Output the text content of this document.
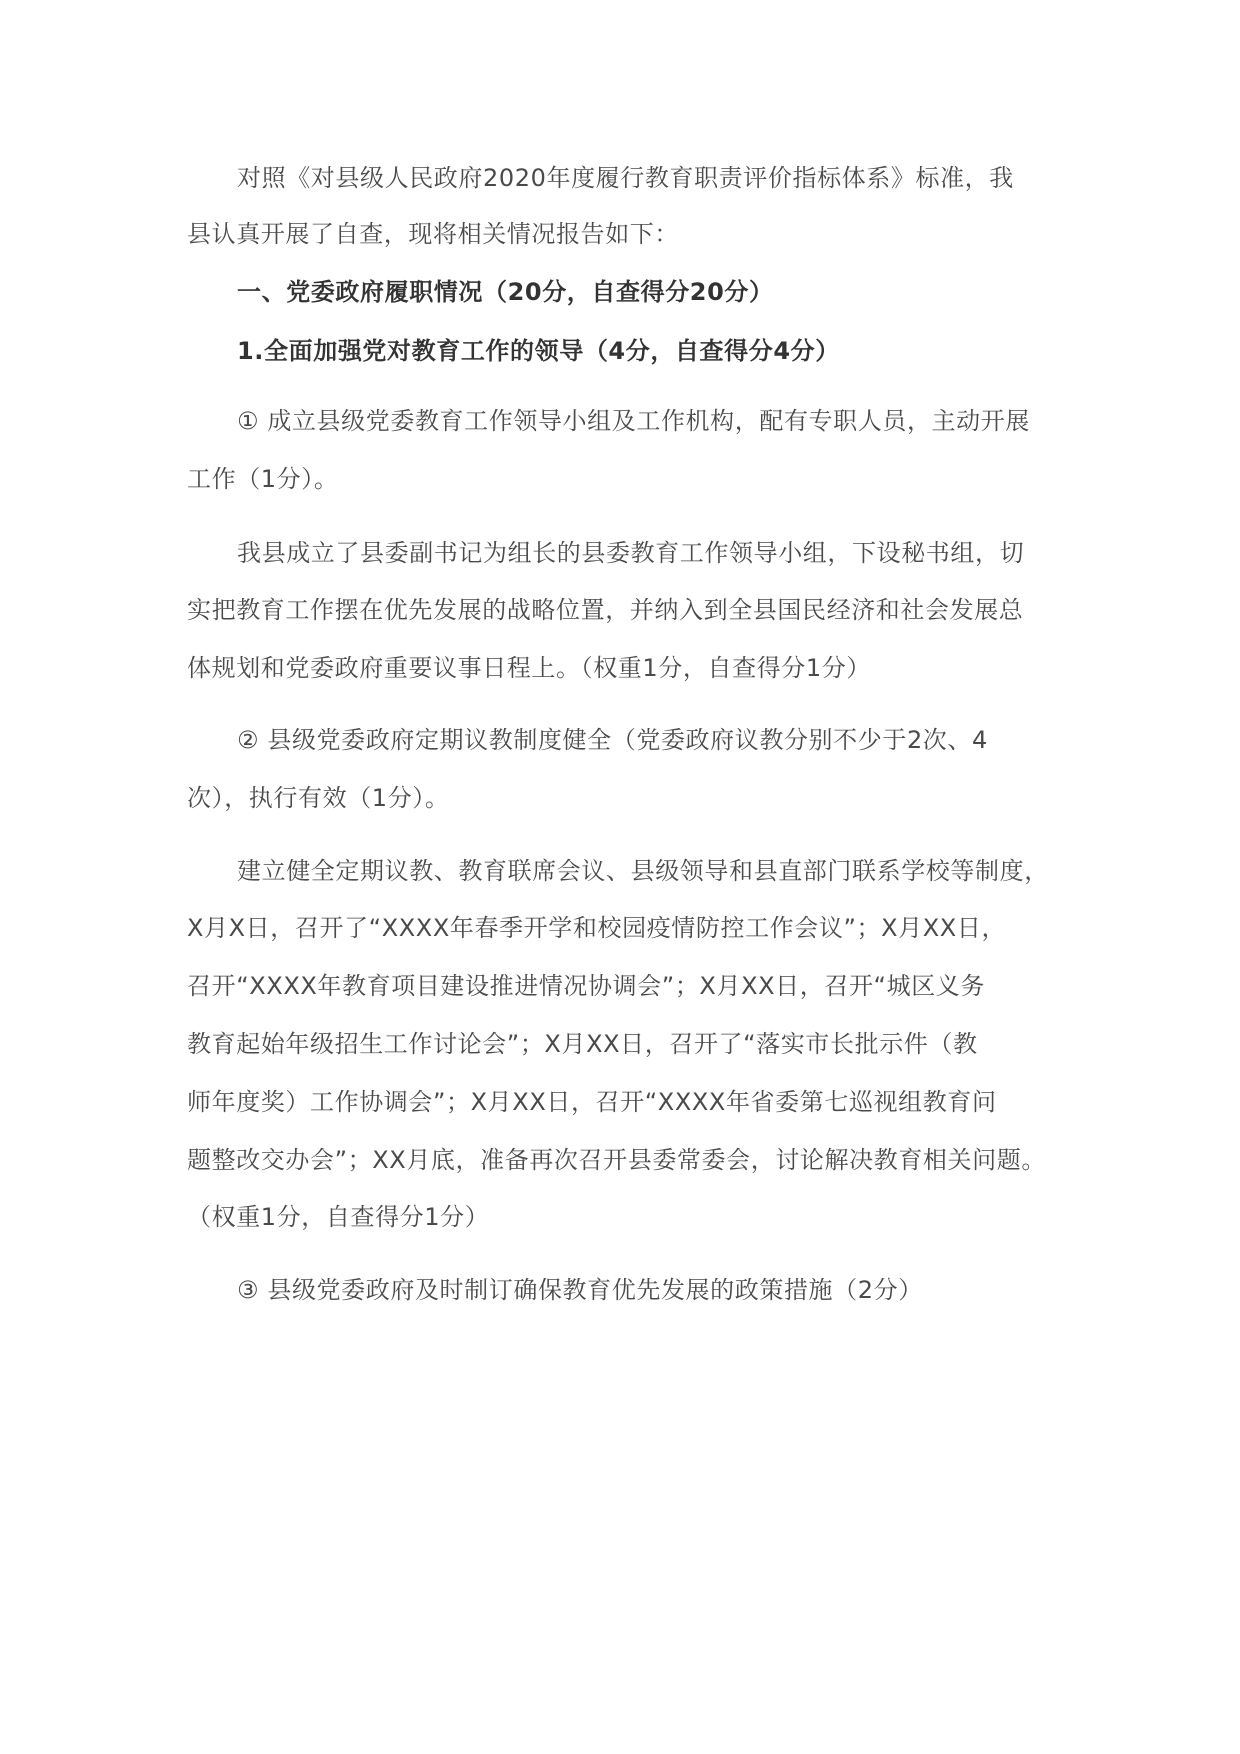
对照《对县级人民政府2020年度履行教育职责评价指标体系》标准，我
县认真开展了自查，现将相关情况报告如下：
一、党委政府履职情况（20分，自查得分20分）
1.全面加强党对教育工作的领导（4分，自查得分4分）
① 成立县级党委教育工作领导小组及工作机构，配有专职人员，主动开展
工作（1分）。
我县成立了县委副书记为组长的县委教育工作领导小组，下设秘书组，切
实把教育工作摆在优先发展的战略位置，并纳入到全县国民经济和社会发展总
体规划和党委政府重要议事日程上。（权重1分，自查得分1分）
② 县级党委政府定期议教制度健全（党委政府议教分别不少于2次、4
次），执行有效（1分）。
建立健全定期议教、教育联席会议、县级领导和县直部门联系学校等制度，
X月X日，召开了“XXXX年春季开学和校园疫情防控工作会议”；X月XX日，
召开“XXXX年教育项目建设推进情况协调会”；X月XX日，召开“城区义务
教育起始年级招生工作讨论会”；X月XX日，召开了“落实市长批示件（教
师年度奖）工作协调会”；X月XX日，召开“XXXX年省委第七巡视组教育问
题整改交办会”；XX月底，准备再次召开县委常委会，讨论解决教育相关问题。
（权重1分，自查得分1分）
③ 县级党委政府及时制订确保教育优先发展的政策措施（2分）
